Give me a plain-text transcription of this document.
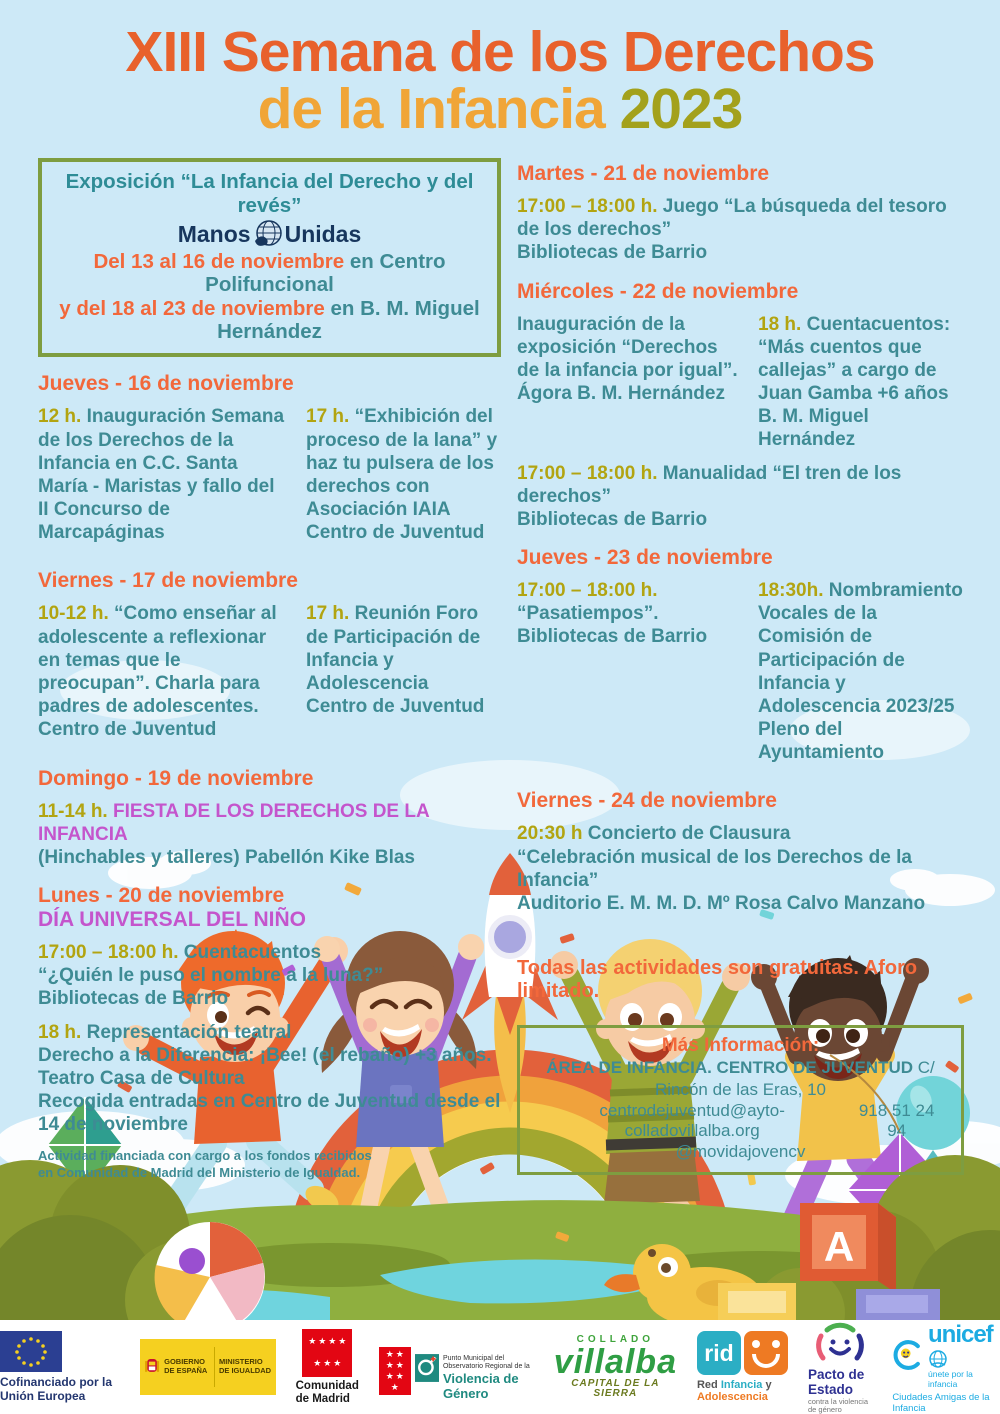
XIII Semana de los Derechos
de la Infancia 2023
Exposición “La Infancia del Derecho y del revés”
Manos Unidas
Del 13 al 16 de noviembre en Centro Polifuncional
y del 18 al 23 de noviembre en B. M. Miguel Hernández
Jueves - 16 de noviembre

12 h. Inauguración Semana de los Derechos de la Infancia en C.C. Santa María - Maristas y fallo del II Concurso de Marcapáginas

17 h. “Exhibición del proceso de la lana” y haz tu pulsera de los derechos con Asociación IAIA
Centro de Juventud

Viernes - 17 de noviembre

10-12 h. “Como enseñar al adolescente a reflexionar en temas que le preocupan”. Charla para padres de adolescentes.
Centro de Juventud

17 h. Reunión Foro de Participación de Infancia y Adolescencia
Centro de Juventud

Domingo - 19 de noviembre

11-14 h. FIESTA DE LOS DERECHOS DE LA INFANCIA
(Hinchables y talleres) Pabellón Kike Blas

Lunes - 20 de noviembre
DÍA UNIVERSAL DEL NIÑO

17:00 – 18:00 h. Cuentacuentos
“¿Quién le puso el nombre a la luna?”
Bibliotecas de Barrio

18 h. Representación teatral
Derecho a la Diferencia: ¡Bee! (el rebaño) +3 años.
Teatro Casa de Cultura
Recogida entradas en Centro de Juventud desde el 14 de noviembre

Actividad financiada con cargo a los fondos recibidos en Comunidad de Madrid del Ministerio de Igualdad.

Martes - 21 de noviembre

17:00 – 18:00 h. Juego “La búsqueda del tesoro de los derechos”
Bibliotecas de Barrio

Miércoles - 22 de noviembre

Inauguración de la exposición “Derechos de la infancia por igual”.
Ágora B. M. Hernández

18 h. Cuentacuentos: “Más cuentos que callejas” a cargo de Juan Gamba +6 años
B. M. Miguel Hernández

17:00 – 18:00 h. Manualidad “El tren de los derechos”
Bibliotecas de Barrio

Jueves - 23 de noviembre

17:00 – 18:00 h.
“Pasatiempos”.
Bibliotecas de Barrio

18:30h. Nombramiento Vocales de la Comisión de Participación de Infancia y Adolescencia 2023/25
Pleno del Ayuntamiento

Viernes - 24 de noviembre

20:30 h Concierto de Clausura
“Celebración musical de los Derechos de la Infancia”
Auditorio E. M. M. D. Mº Rosa Calvo Manzano

Todas las actividades son gratuitas. Aforo limitado.

Más Información:
ÁREA DE INFANCIA. CENTRO DE JUVENTUD C/ Rincón de las Eras, 10
centrodejuventud@ayto-colladovillalba.org
918 51 24 94
@movidajovencv
A
Cofinanciado por la Unión Europea
GOBIERNO DE ESPAÑA
MINISTERIO DE IGUALDAD
★ ★ ★ ★
★ ★ ★
Comunidad
de Madrid
★ ★
★ ★
★ ★
★
Punto Municipal del Observatorio Regional de la
Violencia de Género
COLLADO
villalba
CAPITAL DE LA SIERRA
rid
Red Infancia y Adolescencia
Pacto de Estado
contra la violencia de género
unicef
únete por la infancia
Ciudades Amigas de la Infancia
